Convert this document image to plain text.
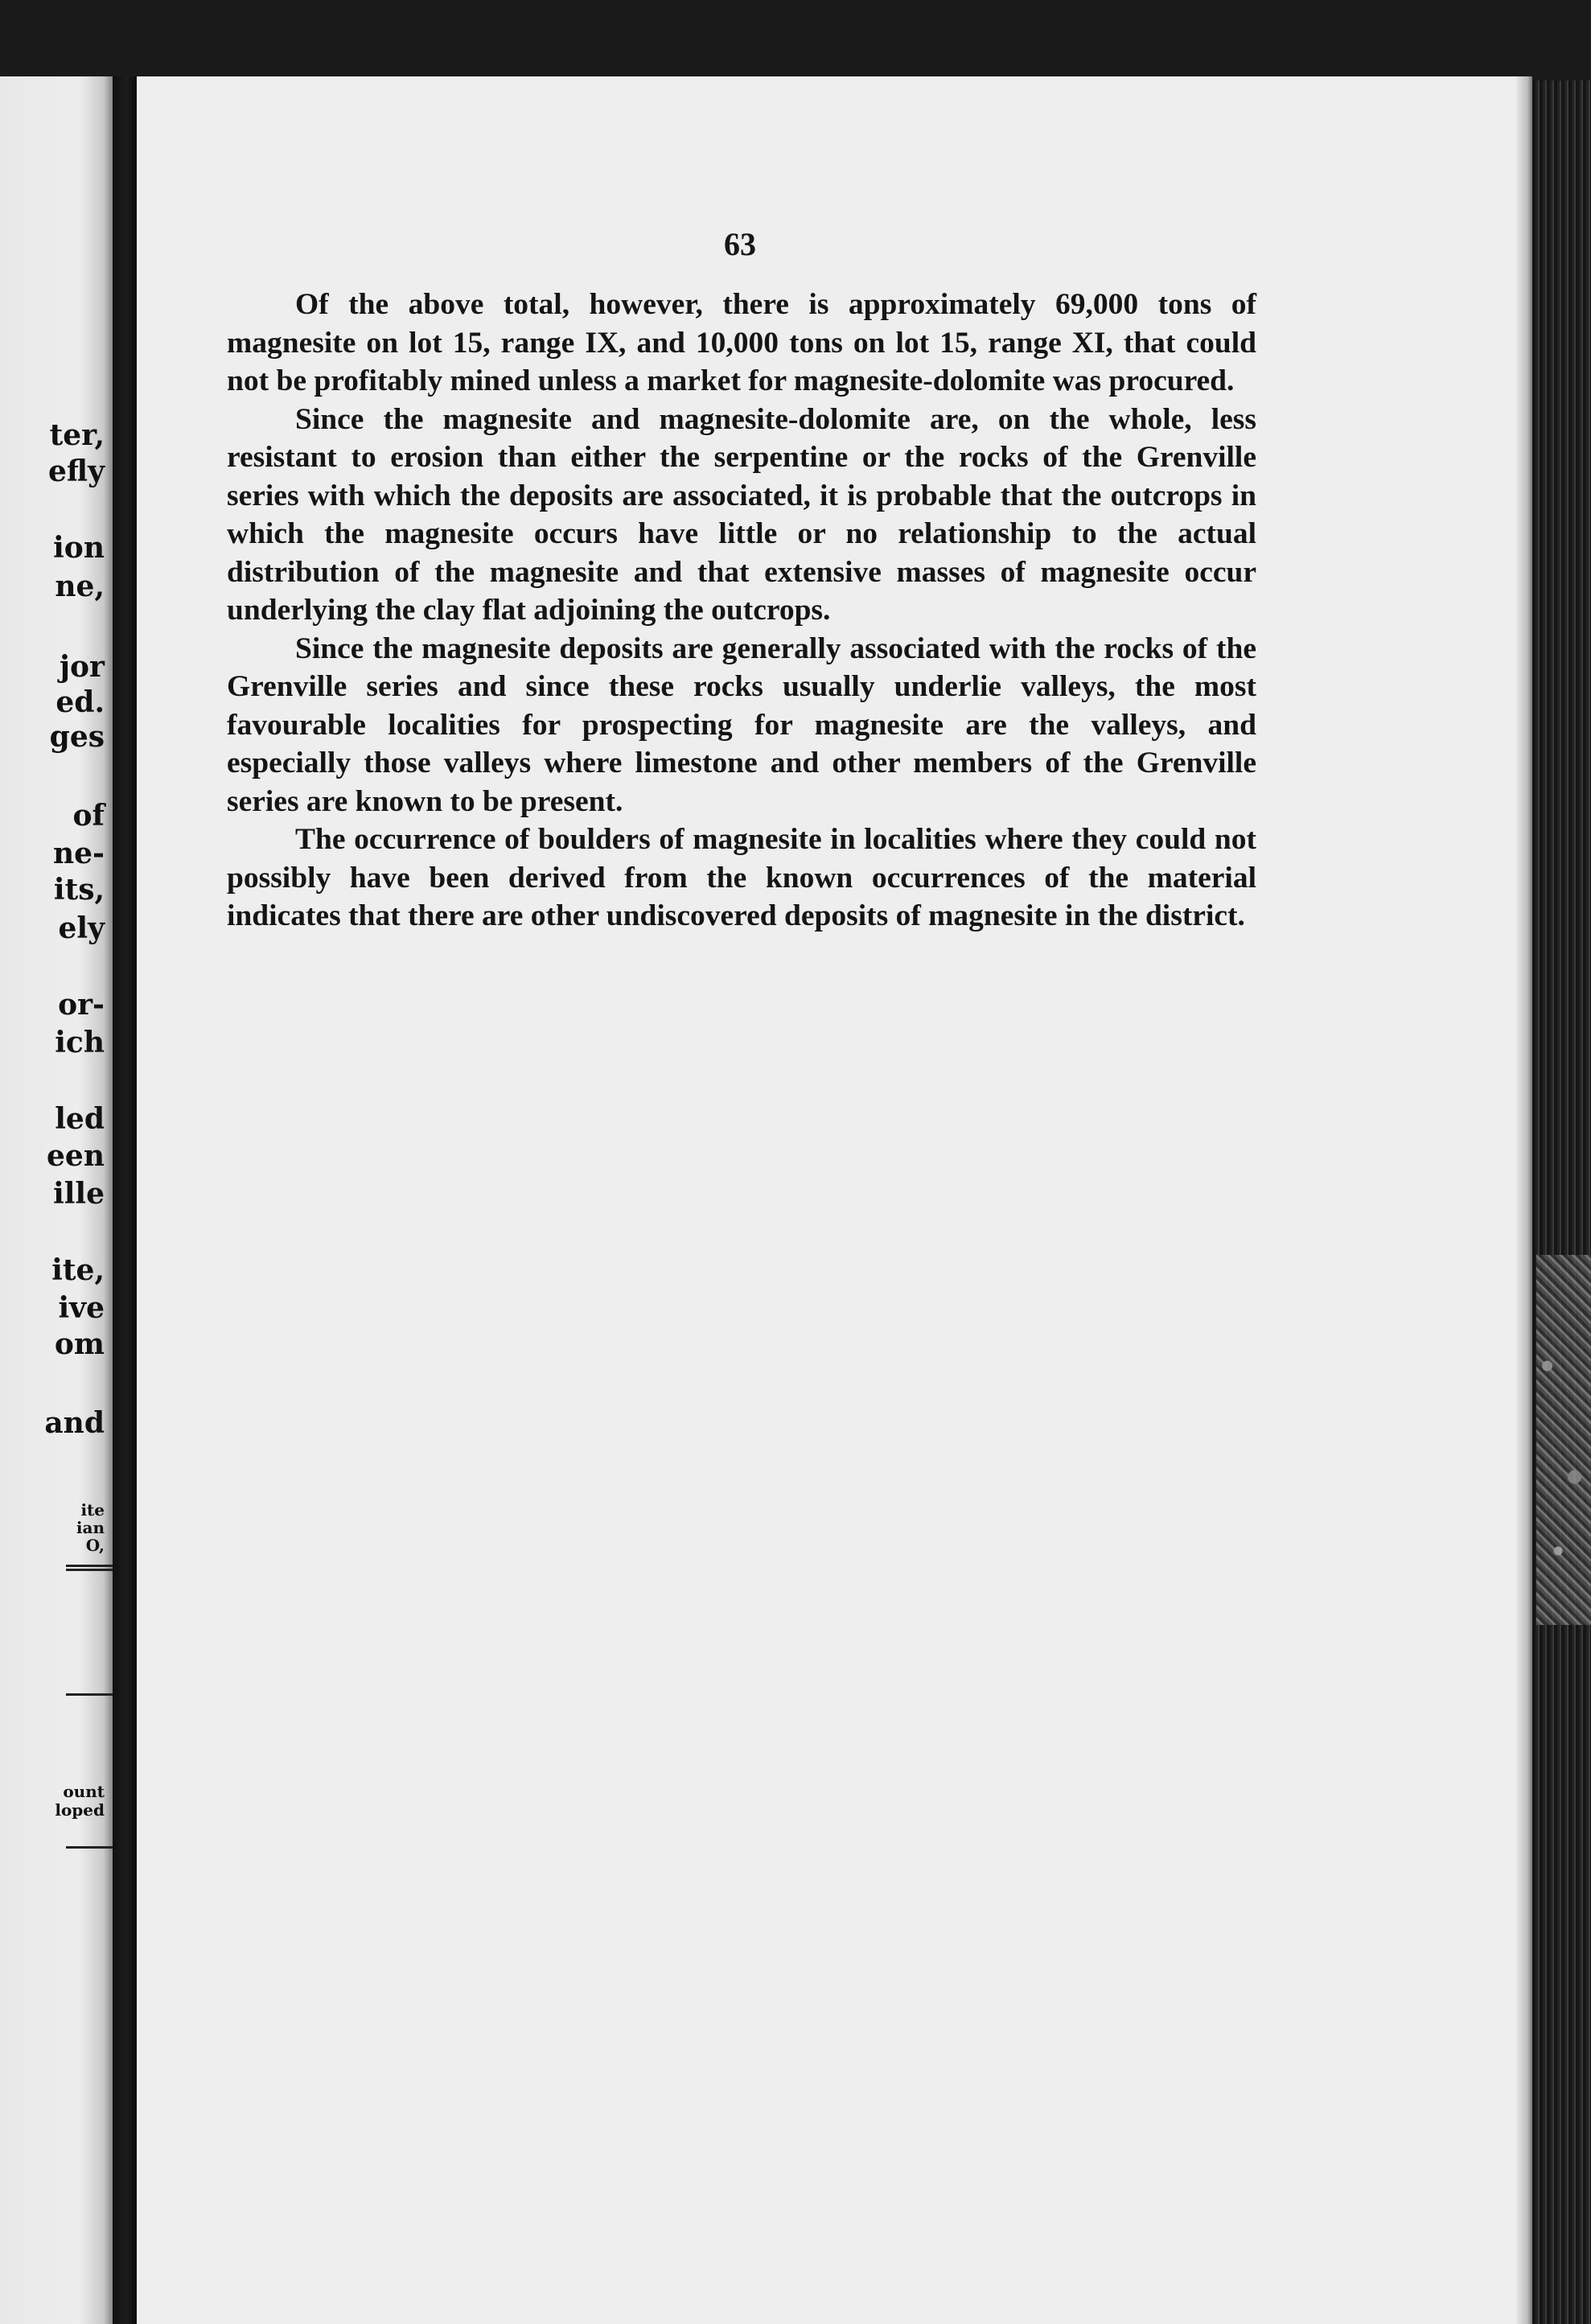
ter,
efly
ion
ne,
jor
ed.
ges
of
ne-
its,
ely
or-
ich
led
een
ille
ite,
ive
om
and
ite
ian
O,
ount
loped
63

Of the above total, however, there is approximately 69,000 tons of magnesite on lot 15, range IX, and 10,000 tons on lot 15, range XI, that could not be profitably mined unless a market for magnesite-dolomite was procured.

Since the magnesite and magnesite-dolomite are, on the whole, less resistant to erosion than either the serpentine or the rocks of the Grenville series with which the deposits are associated, it is probable that the outcrops in which the magnesite occurs have little or no relationship to the actual distribution of the magnesite and that extensive masses of magnesite occur underlying the clay flat adjoining the outcrops.

Since the magnesite deposits are generally associated with the rocks of the Grenville series and since these rocks usually underlie valleys, the most favourable localities for prospecting for magnesite are the valleys, and especially those valleys where limestone and other members of the Grenville series are known to be present.

The occurrence of boulders of magnesite in localities where they could not possibly have been derived from the known occurrences of the material indicates that there are other undiscovered deposits of magnesite in the district.
